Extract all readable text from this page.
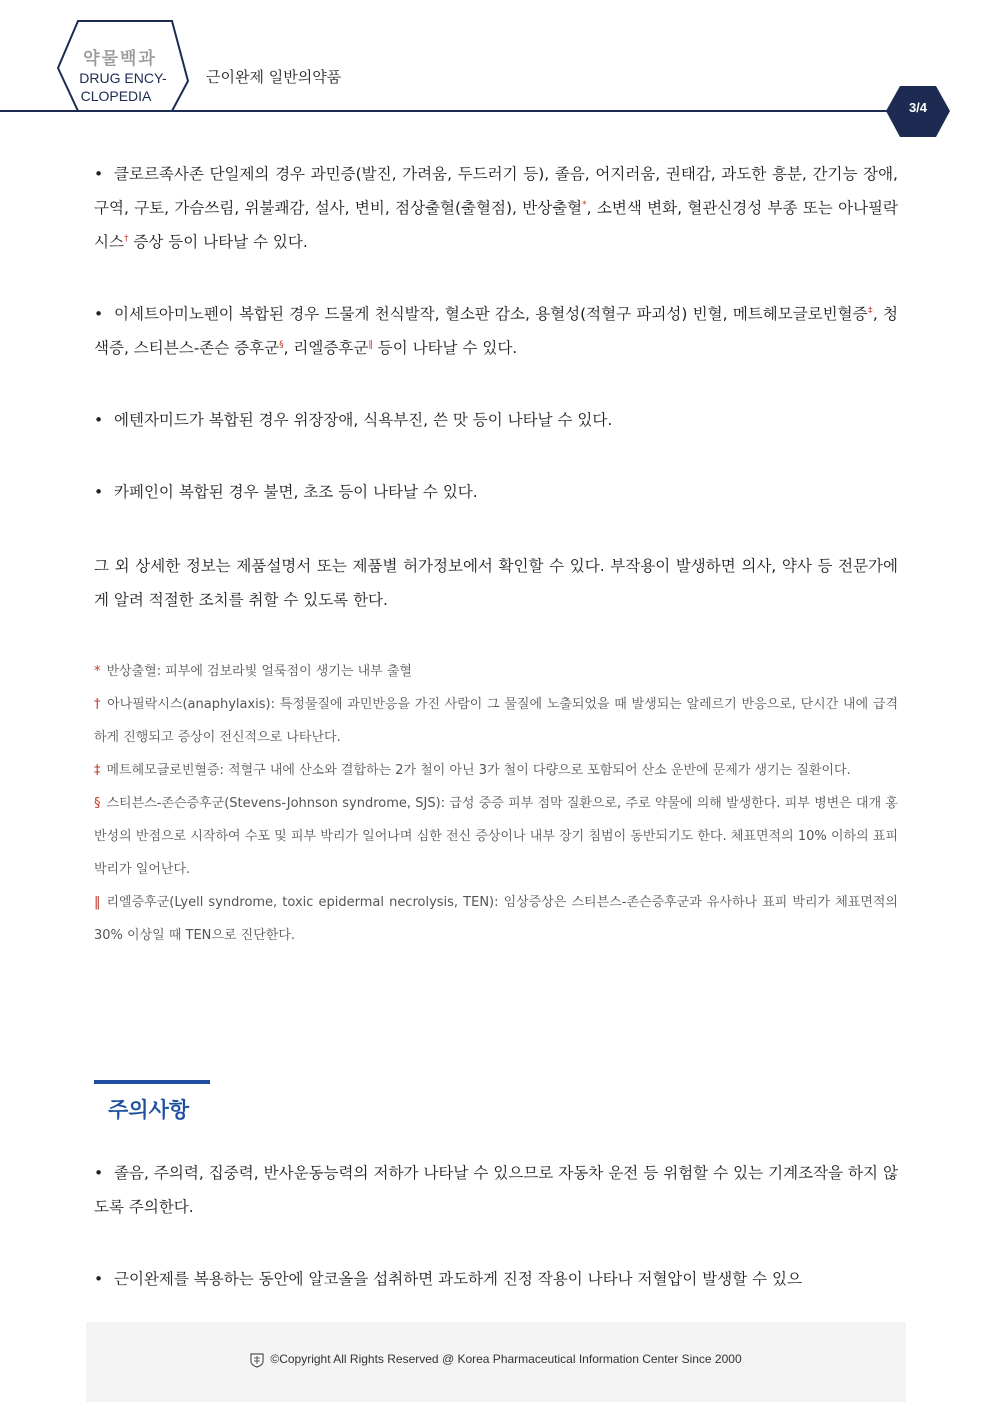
약물백과
DRUG ENCY-
CLOPEDIA
근이완제 일반의약품
3/4

• 클로르족사존 단일제의 경우 과민증(발진, 가려움, 두드러기 등), 졸음, 어지러움, 권태감, 과도한 흥분, 간기능 장애, 구역, 구토, 가슴쓰림, 위불쾌감, 설사, 변비, 점상출혈(출혈점), 반상출혈*, 소변색 변화, 혈관신경성 부종 또는 아나필락시스† 증상 등이 나타날 수 있다.

• 이세트아미노펜이 복합된 경우 드물게 천식발작, 혈소판 감소, 용혈성(적혈구 파괴성) 빈혈, 메트헤모글로빈혈증‡, 청색증, 스티븐스-존슨 증후군§, 리엘증후군‖ 등이 나타날 수 있다.

• 에텐자미드가 복합된 경우 위장장애, 식욕부진, 쓴 맛 등이 나타날 수 있다.

• 카페인이 복합된 경우 불면, 초조 등이 나타날 수 있다.

그 외 상세한 정보는 제품설명서 또는 제품별 허가정보에서 확인할 수 있다. 부작용이 발생하면 의사, 약사 등 전문가에게 알려 적절한 조치를 취할 수 있도록 한다.

* 반상출혈: 피부에 검보라빛 얼룩점이 생기는 내부 출혈

† 아나필락시스(anaphylaxis): 특정물질에 과민반응을 가진 사람이 그 물질에 노출되었을 때 발생되는 알레르기 반응으로, 단시간 내에 급격하게 진행되고 증상이 전신적으로 나타난다.

‡ 메트헤모글로빈혈증: 적혈구 내에 산소와 결합하는 2가 철이 아닌 3가 철이 다량으로 포함되어 산소 운반에 문제가 생기는 질환이다.

§ 스티븐스-존슨증후군(Stevens-Johnson syndrome, SJS): 급성 중증 피부 점막 질환으로, 주로 약물에 의해 발생한다. 피부 병변은 대개 홍반성의 반점으로 시작하여 수포 및 피부 박리가 일어나며 심한 전신 증상이나 내부 장기 침범이 동반되기도 한다. 체표면적의 10% 이하의 표피 박리가 일어난다.

‖ 리엘증후군(Lyell syndrome, toxic epidermal necrolysis, TEN): 임상증상은 스티븐스-존슨증후군과 유사하나 표피 박리가 체표면적의 30% 이상일 때 TEN으로 진단한다.

주의사항

• 졸음, 주의력, 집중력, 반사운동능력의 저하가 나타날 수 있으므로 자동차 운전 등 위험할 수 있는 기계조작을 하지 않도록 주의한다.

• 근이완제를 복용하는 동안에 알코올을 섭취하면 과도하게 진정 작용이 나타나 저혈압이 발생할 수 있으

©Copyright All Rights Reserved @ Korea Pharmaceutical Information Center Since 2000
